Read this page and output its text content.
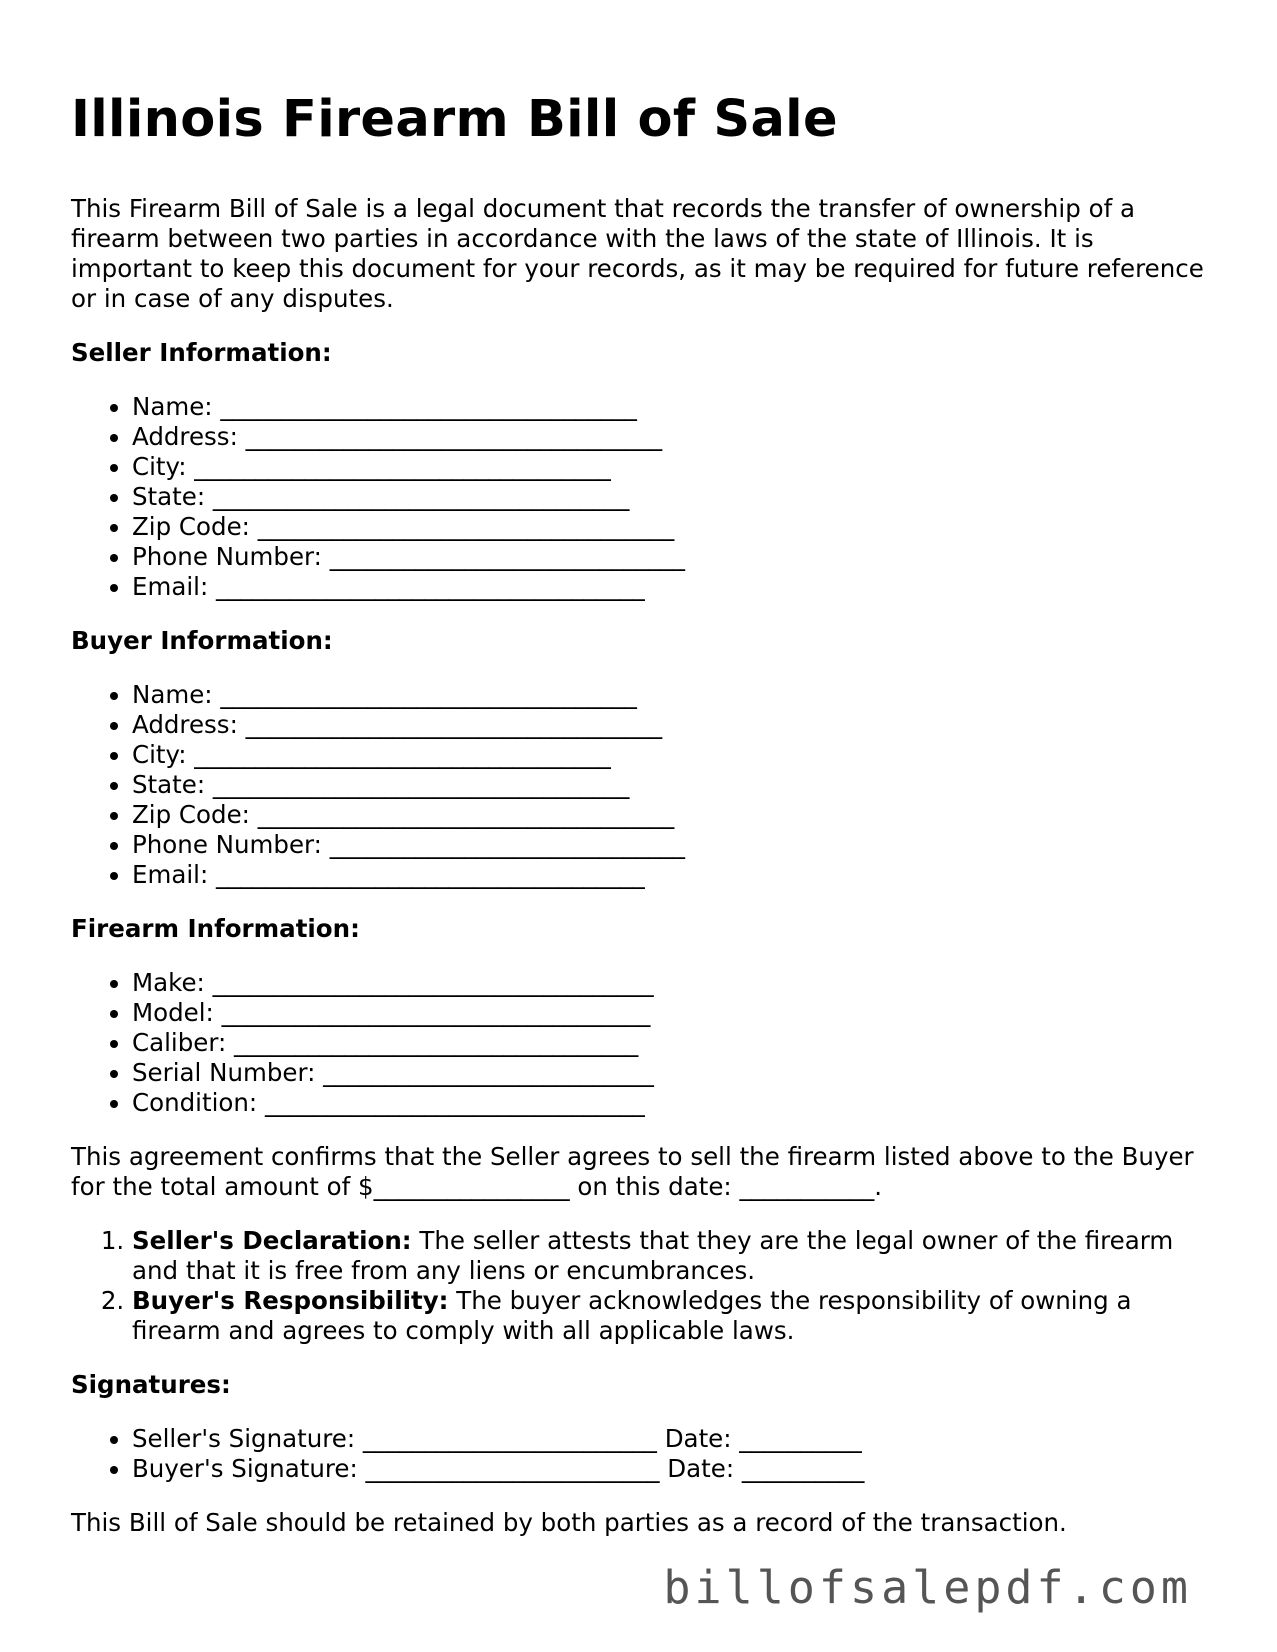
Illinois Firearm Bill of Sale

This Firearm Bill of Sale is a legal document that records the transfer of ownership of a firearm between two parties in accordance with the laws of the state of Illinois. It is important to keep this document for your records, as it may be required for future reference or in case of any disputes.

Seller Information:
• Name: __________________________________
• Address: __________________________________
• City: __________________________________
• State: __________________________________
• Zip Code: __________________________________
• Phone Number: _____________________________
• Email: ___________________________________
Buyer Information:
• Name: __________________________________
• Address: __________________________________
• City: __________________________________
• State: __________________________________
• Zip Code: __________________________________
• Phone Number: _____________________________
• Email: ___________________________________
Firearm Information:
• Make: ____________________________________
• Model: ___________________________________
• Caliber: _________________________________
• Serial Number: ___________________________
• Condition: _______________________________

This agreement confirms that the Seller agrees to sell the firearm listed above to the Buyer for the total amount of $________________ on this date: ___________.

1. Seller's Declaration: The seller attests that they are the legal owner of the firearm and that it is free from any liens or encumbrances.
2. Buyer's Responsibility: The buyer acknowledges the responsibility of owning a firearm and agrees to comply with all applicable laws.
Signatures:
• Seller's Signature: ________________________ Date: __________
• Buyer's Signature: ________________________ Date: __________

This Bill of Sale should be retained by both parties as a record of the transaction.

billofsalepdf.com
